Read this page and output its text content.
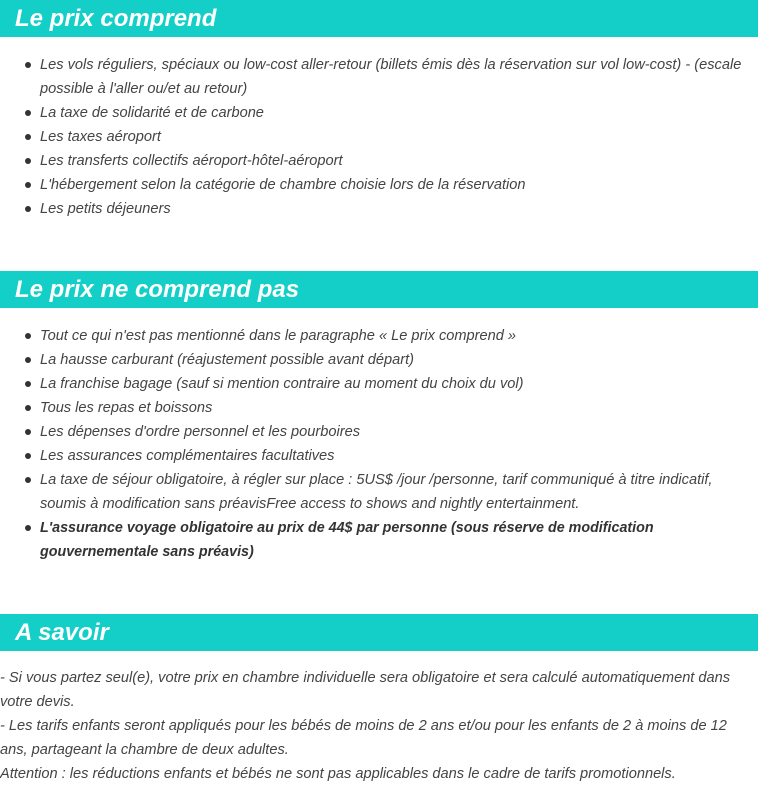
Le prix comprend
Les vols réguliers, spéciaux ou low-cost aller-retour (billets émis dès la réservation sur vol low-cost) - (escale possible à l'aller ou/et au retour)
La taxe de solidarité et de carbone
Les taxes aéroport
Les transferts collectifs aéroport-hôtel-aéroport
L'hébergement selon la catégorie de chambre choisie lors de la réservation
Les petits déjeuners
Le prix ne comprend pas
Tout ce qui n'est pas mentionné dans le paragraphe « Le prix comprend »
La hausse carburant (réajustement possible avant départ)
La franchise bagage (sauf si mention contraire au moment du choix du vol)
Tous les repas et boissons
Les dépenses d'ordre personnel et les pourboires
Les assurances complémentaires facultatives
La taxe de séjour obligatoire, à régler sur place : 5US$ /jour /personne, tarif communiqué à titre indicatif, soumis à modification sans préavisFree access to shows and nightly entertainment.
L'assurance voyage obligatoire au prix de 44$ par personne (sous réserve de modification gouvernementale sans préavis)
A savoir
- Si vous partez seul(e), votre prix en chambre individuelle sera obligatoire et sera calculé automatiquement dans votre devis.
- Les tarifs enfants seront appliqués pour les bébés de moins de 2 ans et/ou pour les enfants de 2 à moins de 12 ans, partageant la chambre de deux adultes.
Attention : les réductions enfants et bébés ne sont pas applicables dans le cadre de tarifs promotionnels.
